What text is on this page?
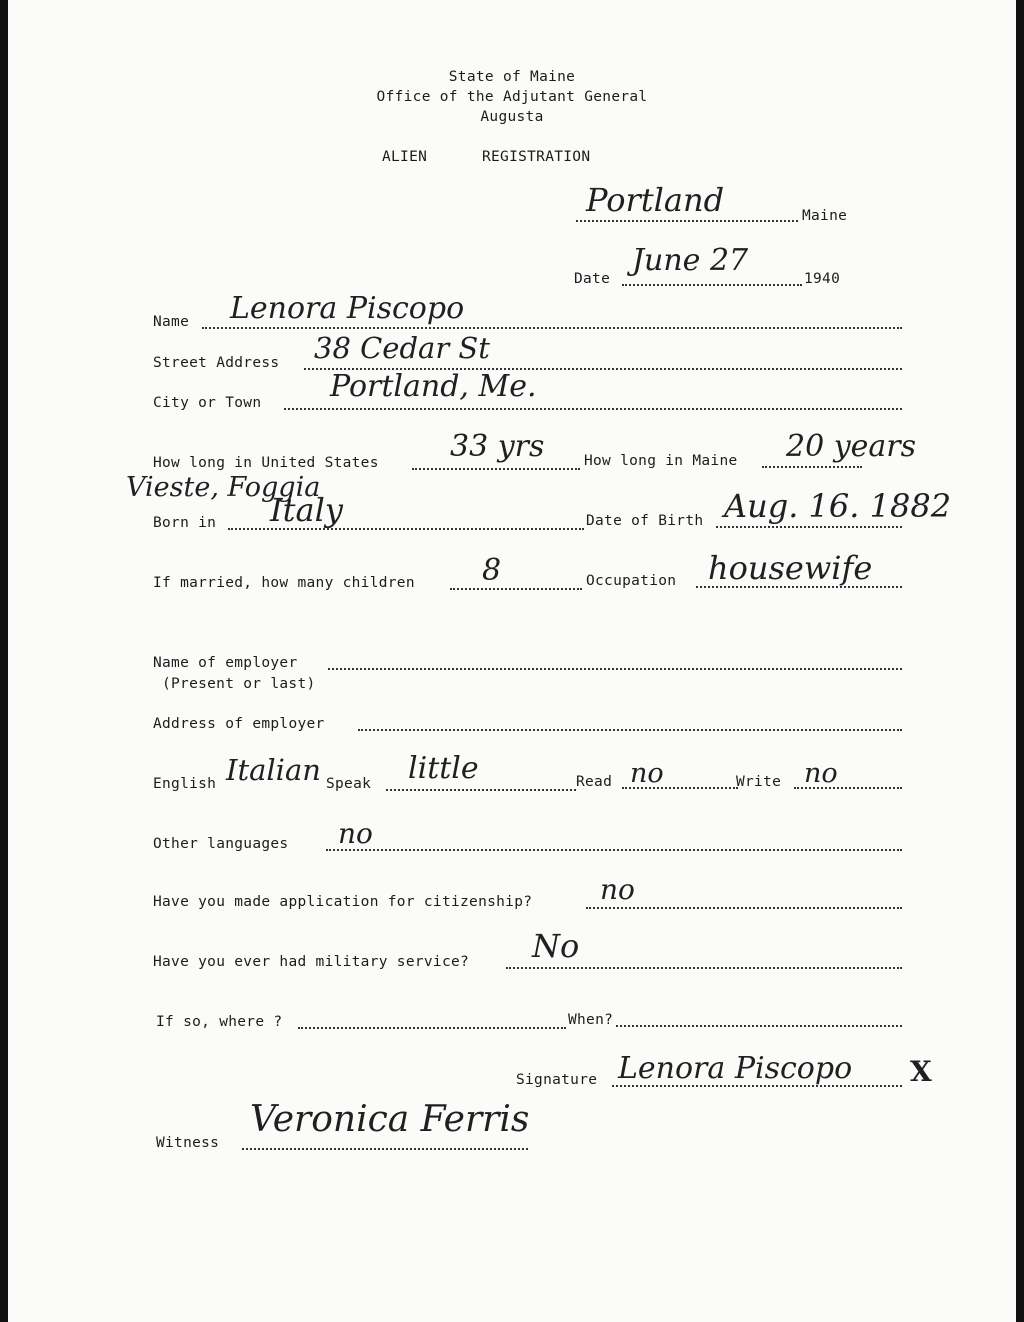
State of Maine
Office of the Adjutant General
Augusta
ALIEN	REGISTRATION
Portland	Maine
Date
June 27
1940
Name Lenora Piscopo
Street Address 38 Cedar St
City or Town Portland, Me.
How long in United States 33 yrs	How long in Maine 20 years
Vieste, Foggia
Born in Italy	Date of Birth Aug. 16. 1882
If married, how many children 8	Occupation housewife
Name of employer
(Present or last)
Address of employer
English Italian Speak little	Read no	Write no
Other languages no
Have you made application for citizenship? no
Have you ever had military service? No
If so, where ?	When?
Signature Lenora Piscopo X
Witness
Veronica Ferris
